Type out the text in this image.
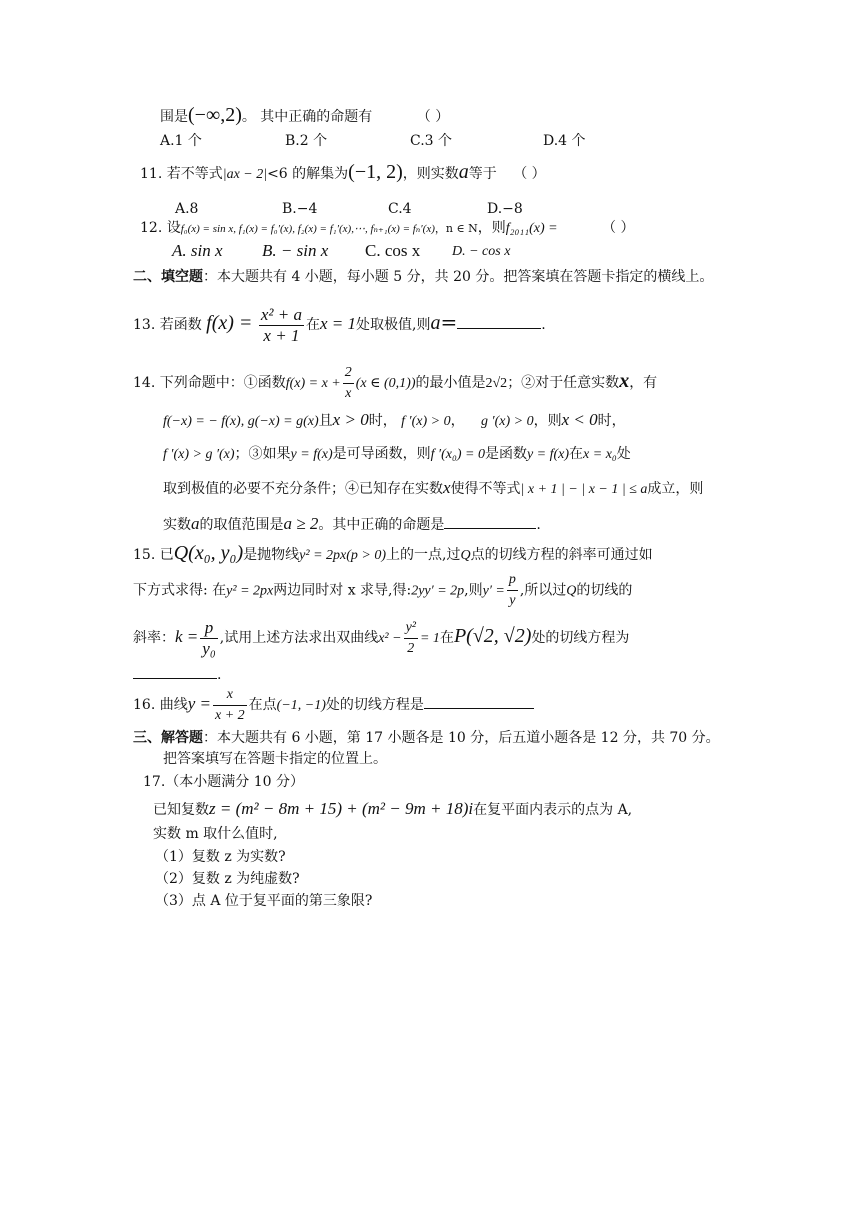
围是(−∞,2)。 其中正确的命题有	（ ）
A.1 个	B.2 个	C.3 个	D.4 个
11. 若不等式|ax − 2|<6 的解集为(−1, 2)，则实数a等于 （ ）
A.8	B.−4	C.4	D.−8
12. 设f₀(x) = sin x, f₁(x) = f₀′(x), f₂(x) = f₁′(x),⋯, fₙ₊₁(x) = fₙ′(x)，n ∈ N，则f₂₀₁₁(x) =	（ ）
A. sin x B. − sin x C. cos x D. − cos x
二、填空题：本大题共有 4 小题，每小题 5 分，共 20 分。把答案填在答题卡指定的横线上。
13. 若函数 $f(x) = \frac{\text{x² + a}}{x + 1}$ 在x = 1处取极值,则a=	.
14. 下列命题中：①函数$f(x) = x + \frac{2}{x} (x$ ∈ (0,1))的最小值是2√2；②对于任意实数x，有
f(−x) = − f(x), g(−x) = g(x)且x > 0时， f ′(x) > 0， g ′(x) > 0，则x < 0时，
f ′(x) > g ′(x)；③如果y = f(x)是可导函数，则f ′(x₀) = 0是函数y = f(x)在x = x₀处
取到极值的必要不充分条件；④已知存在实数x使得不等式| x + 1 | − | x − 1 | ≤ a成立，则
实数a的取值范围是a ≥ 2。其中正确的命题是	.
15. 已Q(x₀, y₀)是抛物线y² = 2px(p > 0)上的一点,过Q点的切线方程的斜率可通过如
下方式求得: 在y² = 2px两边同时对 x 求导,得:2yy′ = 2p,则$y' = \frac{p}{y}$ ,所以过Q的切线的
斜率：$k = \frac{p}{\text{y₀}}$ ,试用上述方法求出双曲线$x^2 - \frac{\text{y²}}{2} = 1$在P(√2, √2)处的切线方程为
.
16. 曲线$y = \frac{x}{x + 2}$ 在点(−1, −1)处的切线方程是
三、解答题：本大题共有 6 小题，第 17 小题各是 10 分，后五道小题各是 12 分，共 70 分。
把答案填写在答题卡指定的位置上。
17.（本小题满分 10 分）
已知复数z = (m² − 8m + 15) + (m² − 9m + 18)i在复平面内表示的点为 A,
实数 m 取什么值时,
（1）复数 z 为实数?
（2）复数 z 为纯虚数?
（3）点 A 位于复平面的第三象限?
